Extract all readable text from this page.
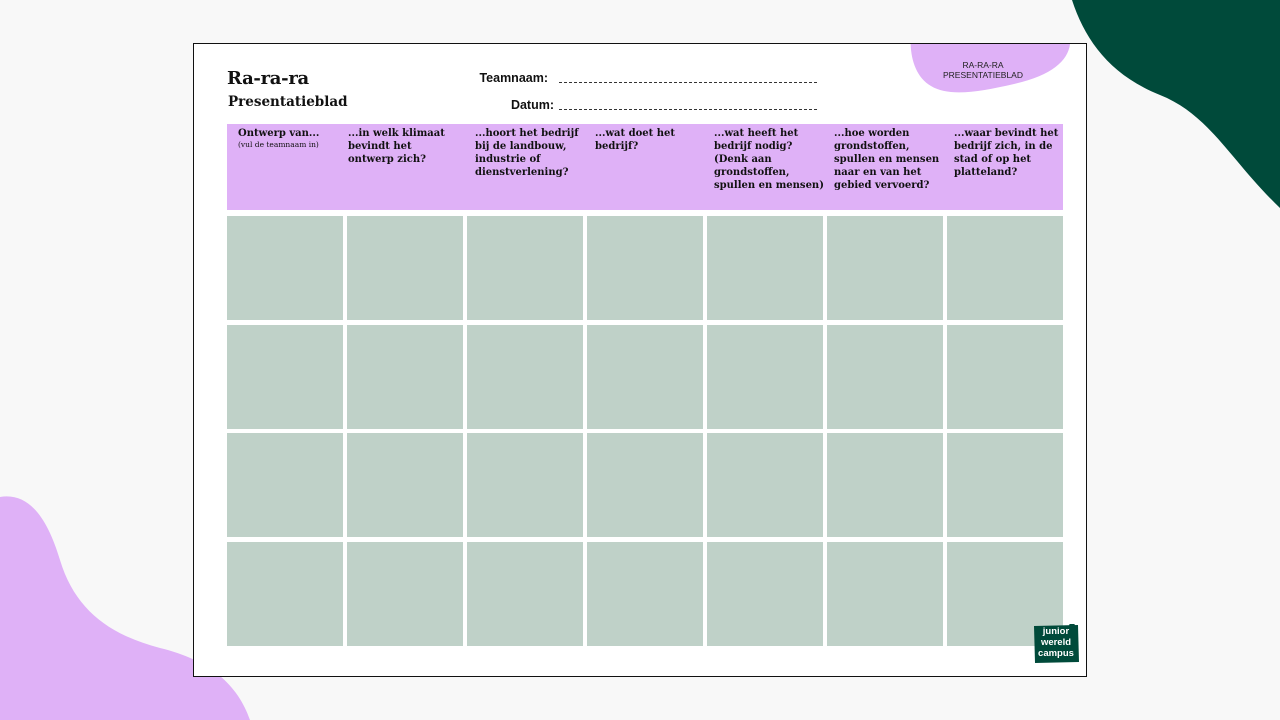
RA-RA-RA
PRESENTATIEBLAD
Ra-ra-ra
Presentatieblad
Teamnaam:
Datum:
Ontwerp van...
(vul de teamnaam in)
...in welk klimaat bevindt het ontwerp zich?
...hoort het bedrijf bij de landbouw, industrie of dienstverlening?
...wat doet het bedrijf?
...wat heeft het bedrijf nodig? (Denk aan grondstoffen, spullen en mensen)
...hoe worden grondstoffen, spullen en mensen naar en van het gebied vervoerd?
...waar bevindt het bedrijf zich, in de stad of op het platteland?
junior
wereld
campus
